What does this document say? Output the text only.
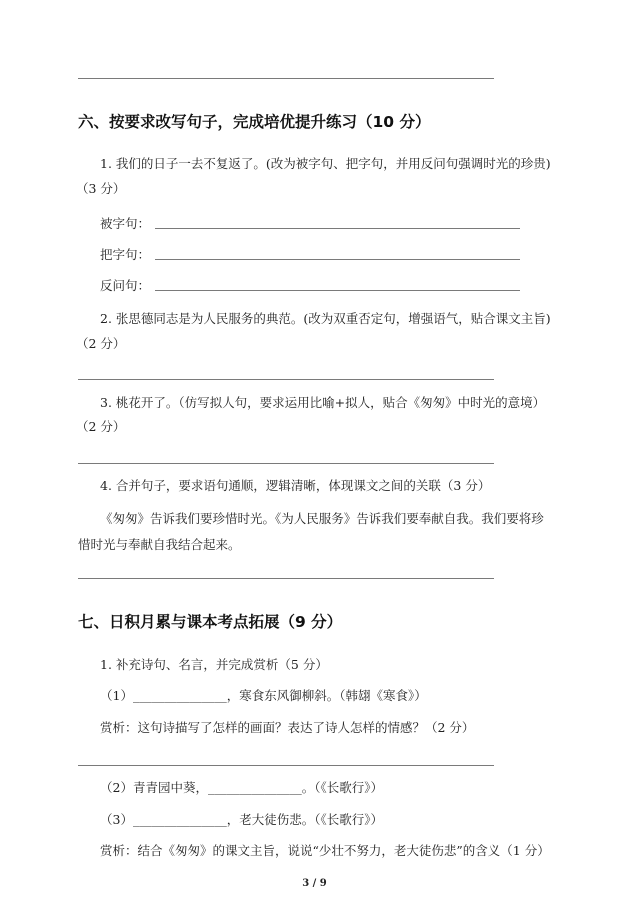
六、按要求改写句子，完成培优提升练习（10 分）
1. 我们的日子一去不复返了。(改为被字句、把字句，并用反问句强调时光的珍贵)
（3 分）
被字句：
把字句：
反问句：
2. 张思德同志是为人民服务的典范。(改为双重否定句，增强语气，贴合课文主旨)
（2 分）
3. 桃花开了。（仿写拟人句，要求运用比喻+拟人，贴合《匆匆》中时光的意境）
（2 分）
4. 合并句子，要求语句通顺，逻辑清晰，体现课文之间的关联（3 分）
《匆匆》告诉我们要珍惜时光。《为人民服务》告诉我们要奉献自我。我们要将珍
惜时光与奉献自我结合起来。
七、日积月累与课本考点拓展（9 分）
1. 补充诗句、名言，并完成赏析（5 分）
（1）_______________，寒食东风御柳斜。（韩翃《寒食》）
赏析：这句诗描写了怎样的画面？表达了诗人怎样的情感？（2 分）
（2）青青园中葵，_______________。（《长歌行》）
（3）_______________，老大徒伤悲。（《长歌行》）
赏析：结合《匆匆》的课文主旨，说说“少壮不努力，老大徒伤悲”的含义（1 分）
3 / 9
